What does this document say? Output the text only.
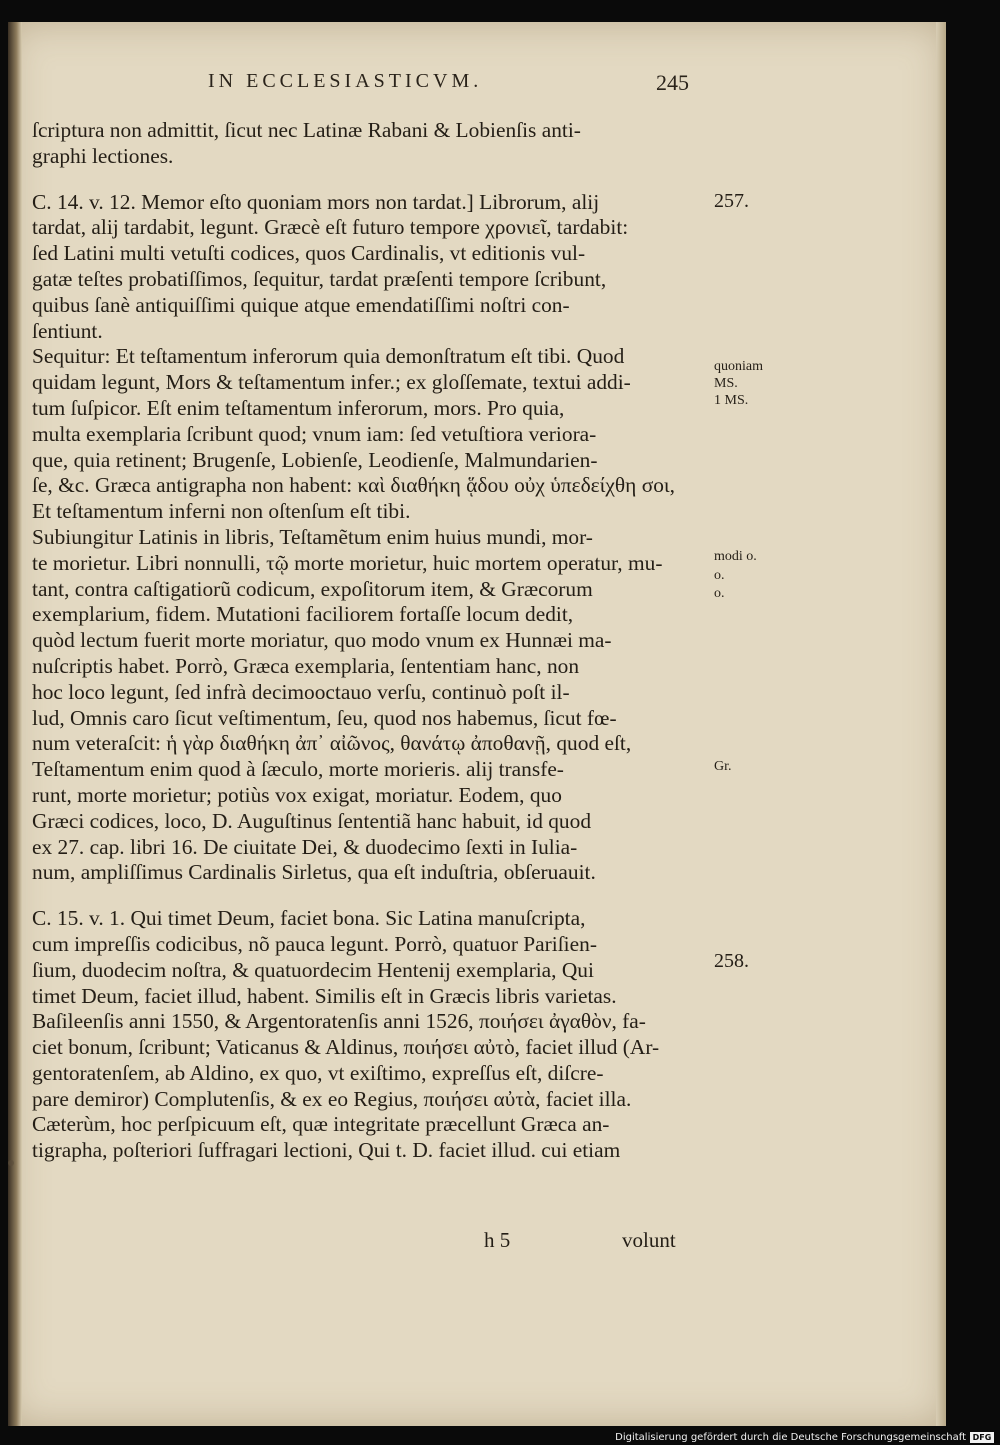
IN ECCLESIASTICVM.	245
ſcriptura non admittit, ſicut nec Latinæ Rabani & Lobienſis anti-
graphi lectiones.
C. 14. v. 12. Memor eſto quoniam mors non tardat.] Librorum, alij
tardat, alij tardabit, legunt. Græcè eſt futuro tempore χρονιεῖ, tardabit:
ſed Latini multi vetuſti codices, quos Cardinalis, vt editionis vul-
gatæ teſtes probatiſſimos, ſequitur, tardat præſenti tempore ſcribunt,
quibus ſanè antiquiſſimi quique atque emendatiſſimi noſtri con-
ſentiunt.
Sequitur: Et teſtamentum inferorum quia demonſtratum eſt tibi. Quod
quidam legunt, Mors & teſtamentum infer.; ex gloſſemate, textui addi-
tum ſuſpicor. Eſt enim teſtamentum inferorum, mors. Pro quia,
multa exemplaria ſcribunt quod; vnum iam: ſed vetuſtiora veriora-
que, quia retinent; Brugenſe, Lobienſe, Leodienſe, Malmundarien-
ſe, &c. Græca antigrapha non habent: καὶ διαθήκη ᾅδου οὐχ ὑπεδείχθη σοι,
Et teſtamentum inferni non oſtenſum eſt tibi.
Subiungitur Latinis in libris, Teſtamẽtum enim huius mundi, mor-
te morietur. Libri nonnulli, τῷ morte morietur, huic mortem operatur, mu-
tant, contra caſtigatiorũ codicum, expoſitorum item, & Græcorum
exemplarium, fidem. Mutationi faciliorem fortaſſe locum dedit,
quòd lectum fuerit morte moriatur, quo modo vnum ex Hunnæi ma-
nuſcriptis habet. Porrò, Græca exemplaria, ſententiam hanc, non
hoc loco legunt, ſed infrà decimooctauo verſu, continuò poſt il-
lud, Omnis caro ſicut veſtimentum, ſeu, quod nos habemus, ſicut fœ-
num veteraſcit: ἡ γὰρ διαθήκη ἀπ᾽ αἰῶνος, θανάτῳ ἀποθανῇ, quod eſt,
Teſtamentum enim quod à ſæculo, morte morieris. alij transfe-
runt, morte morietur; potiùs vox exigat, moriatur. Eodem, quo
Græci codices, loco, D. Auguſtinus ſententiã hanc habuit, id quod
ex 27. cap. libri 16. De ciuitate Dei, & duodecimo ſexti in Iulia-
num, ampliſſimus Cardinalis Sirletus, qua eſt induſtria, obſeruauit.
C. 15. v. 1. Qui timet Deum, faciet bona. Sic Latina manuſcripta,
cum impreſſis codicibus, nõ pauca legunt. Porrò, quatuor Pariſien-
ſium, duodecim noſtra, & quatuordecim Hentenij exemplaria, Qui
timet Deum, faciet illud, habent. Similis eſt in Græcis libris varietas.
Baſileenſis anni 1550, & Argentoratenſis anni 1526, ποιήσει ἀγαθὸν, fa-
ciet bonum, ſcribunt; Vaticanus & Aldinus, ποιήσει αὐτὸ, faciet illud (Ar-
gentoratenſem, ab Aldino, ex quo, vt exiſtimo, expreſſus eſt, diſcre-
pare demiror) Complutenſis, & ex eo Regius, ποιήσει αὐτὰ, faciet illa.
Cæterùm, hoc perſpicuum eſt, quæ integritate præcellunt Græca an-
tigrapha, poſteriori ſuffragari lectioni, Qui t. D. faciet illud. cui etiam
257.
quoniam
MS.
1 MS.
modi o.
o.
o.
Gr.
258.
h 5	volunt
Digitalisierung gefördert durch die Deutsche Forschungsgemeinschaft DFG
